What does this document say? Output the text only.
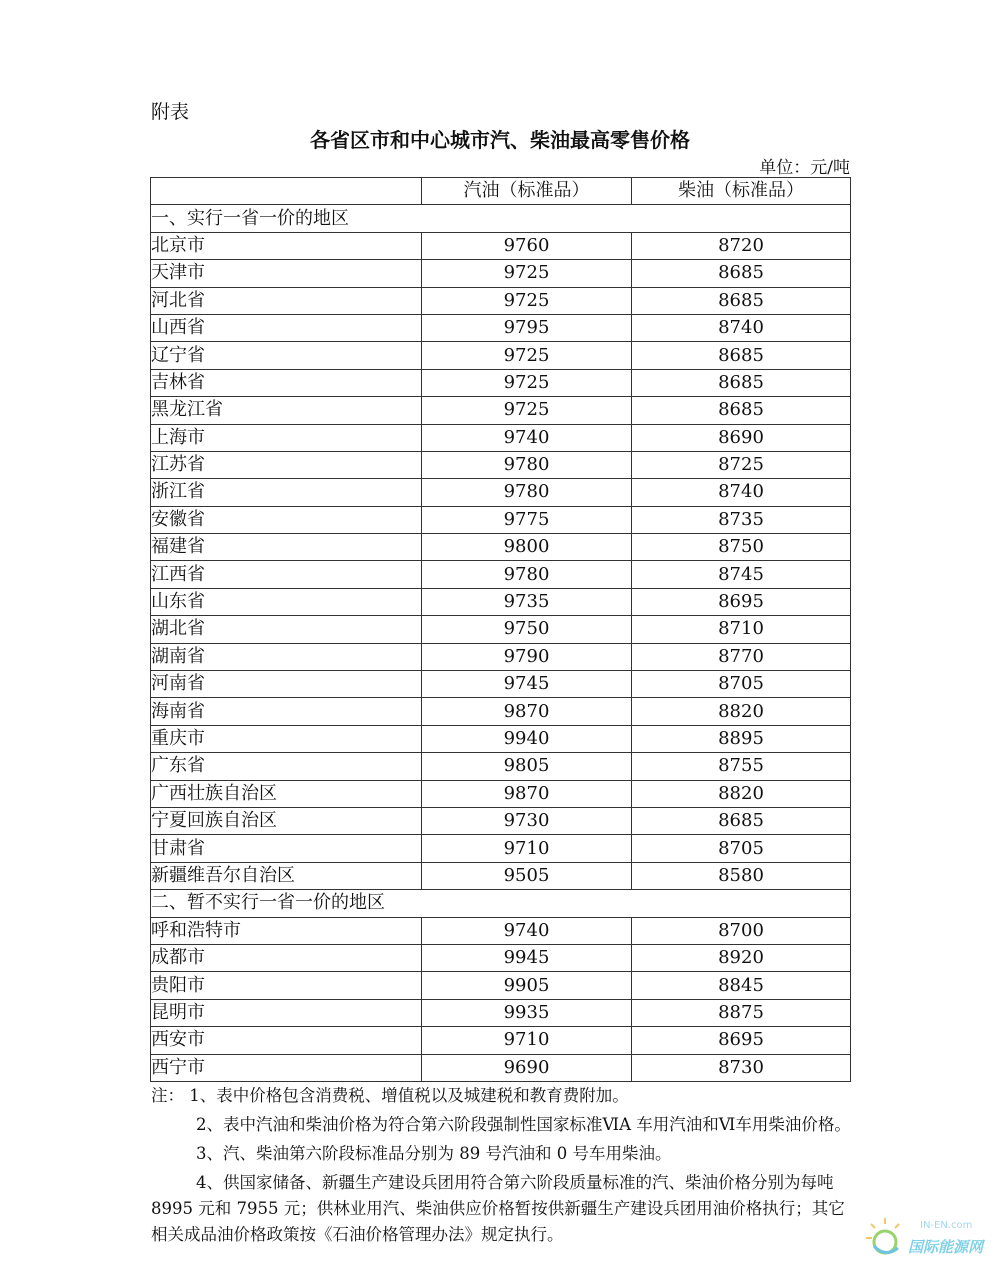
附表
各省区市和中心城市汽、柴油最高零售价格
单位：元/吨
	汽油（标准品）	柴油（标准品）
一、实行一省一价的地区		
北京市	9760	8720
天津市	9725	8685
河北省	9725	8685
山西省	9795	8740
辽宁省	9725	8685
吉林省	9725	8685
黑龙江省	9725	8685
上海市	9740	8690
江苏省	9780	8725
浙江省	9780	8740
安徽省	9775	8735
福建省	9800	8750
江西省	9780	8745
山东省	9735	8695
湖北省	9750	8710
湖南省	9790	8770
河南省	9745	8705
海南省	9870	8820
重庆市	9940	8895
广东省	9805	8755
广西壮族自治区	9870	8820
宁夏回族自治区	9730	8685
甘肃省	9710	8705
新疆维吾尔自治区	9505	8580
二、暂不实行一省一价的地区		
呼和浩特市	9740	8700
成都市	9945	8920
贵阳市	9905	8845
昆明市	9935	8875
西安市	9710	8695
西宁市	9690	8730

注： 1、表中价格包含消费税、增值税以及城建税和教育费附加。

2、表中汽油和柴油价格为符合第六阶段强制性国家标准ⅥA 车用汽油和Ⅵ车用柴油价格。

3、汽、柴油第六阶段标准品分别为 89 号汽油和 0 号车用柴油。

4、供国家储备、新疆生产建设兵团用符合第六阶段质量标准的汽、柴油价格分别为每吨 8995 元和 7955 元；供林业用汽、柴油供应价格暂按供新疆生产建设兵团用油价格执行；其它相关成品油价格政策按《石油价格管理办法》规定执行。	IN-EN.com
国际能源网
